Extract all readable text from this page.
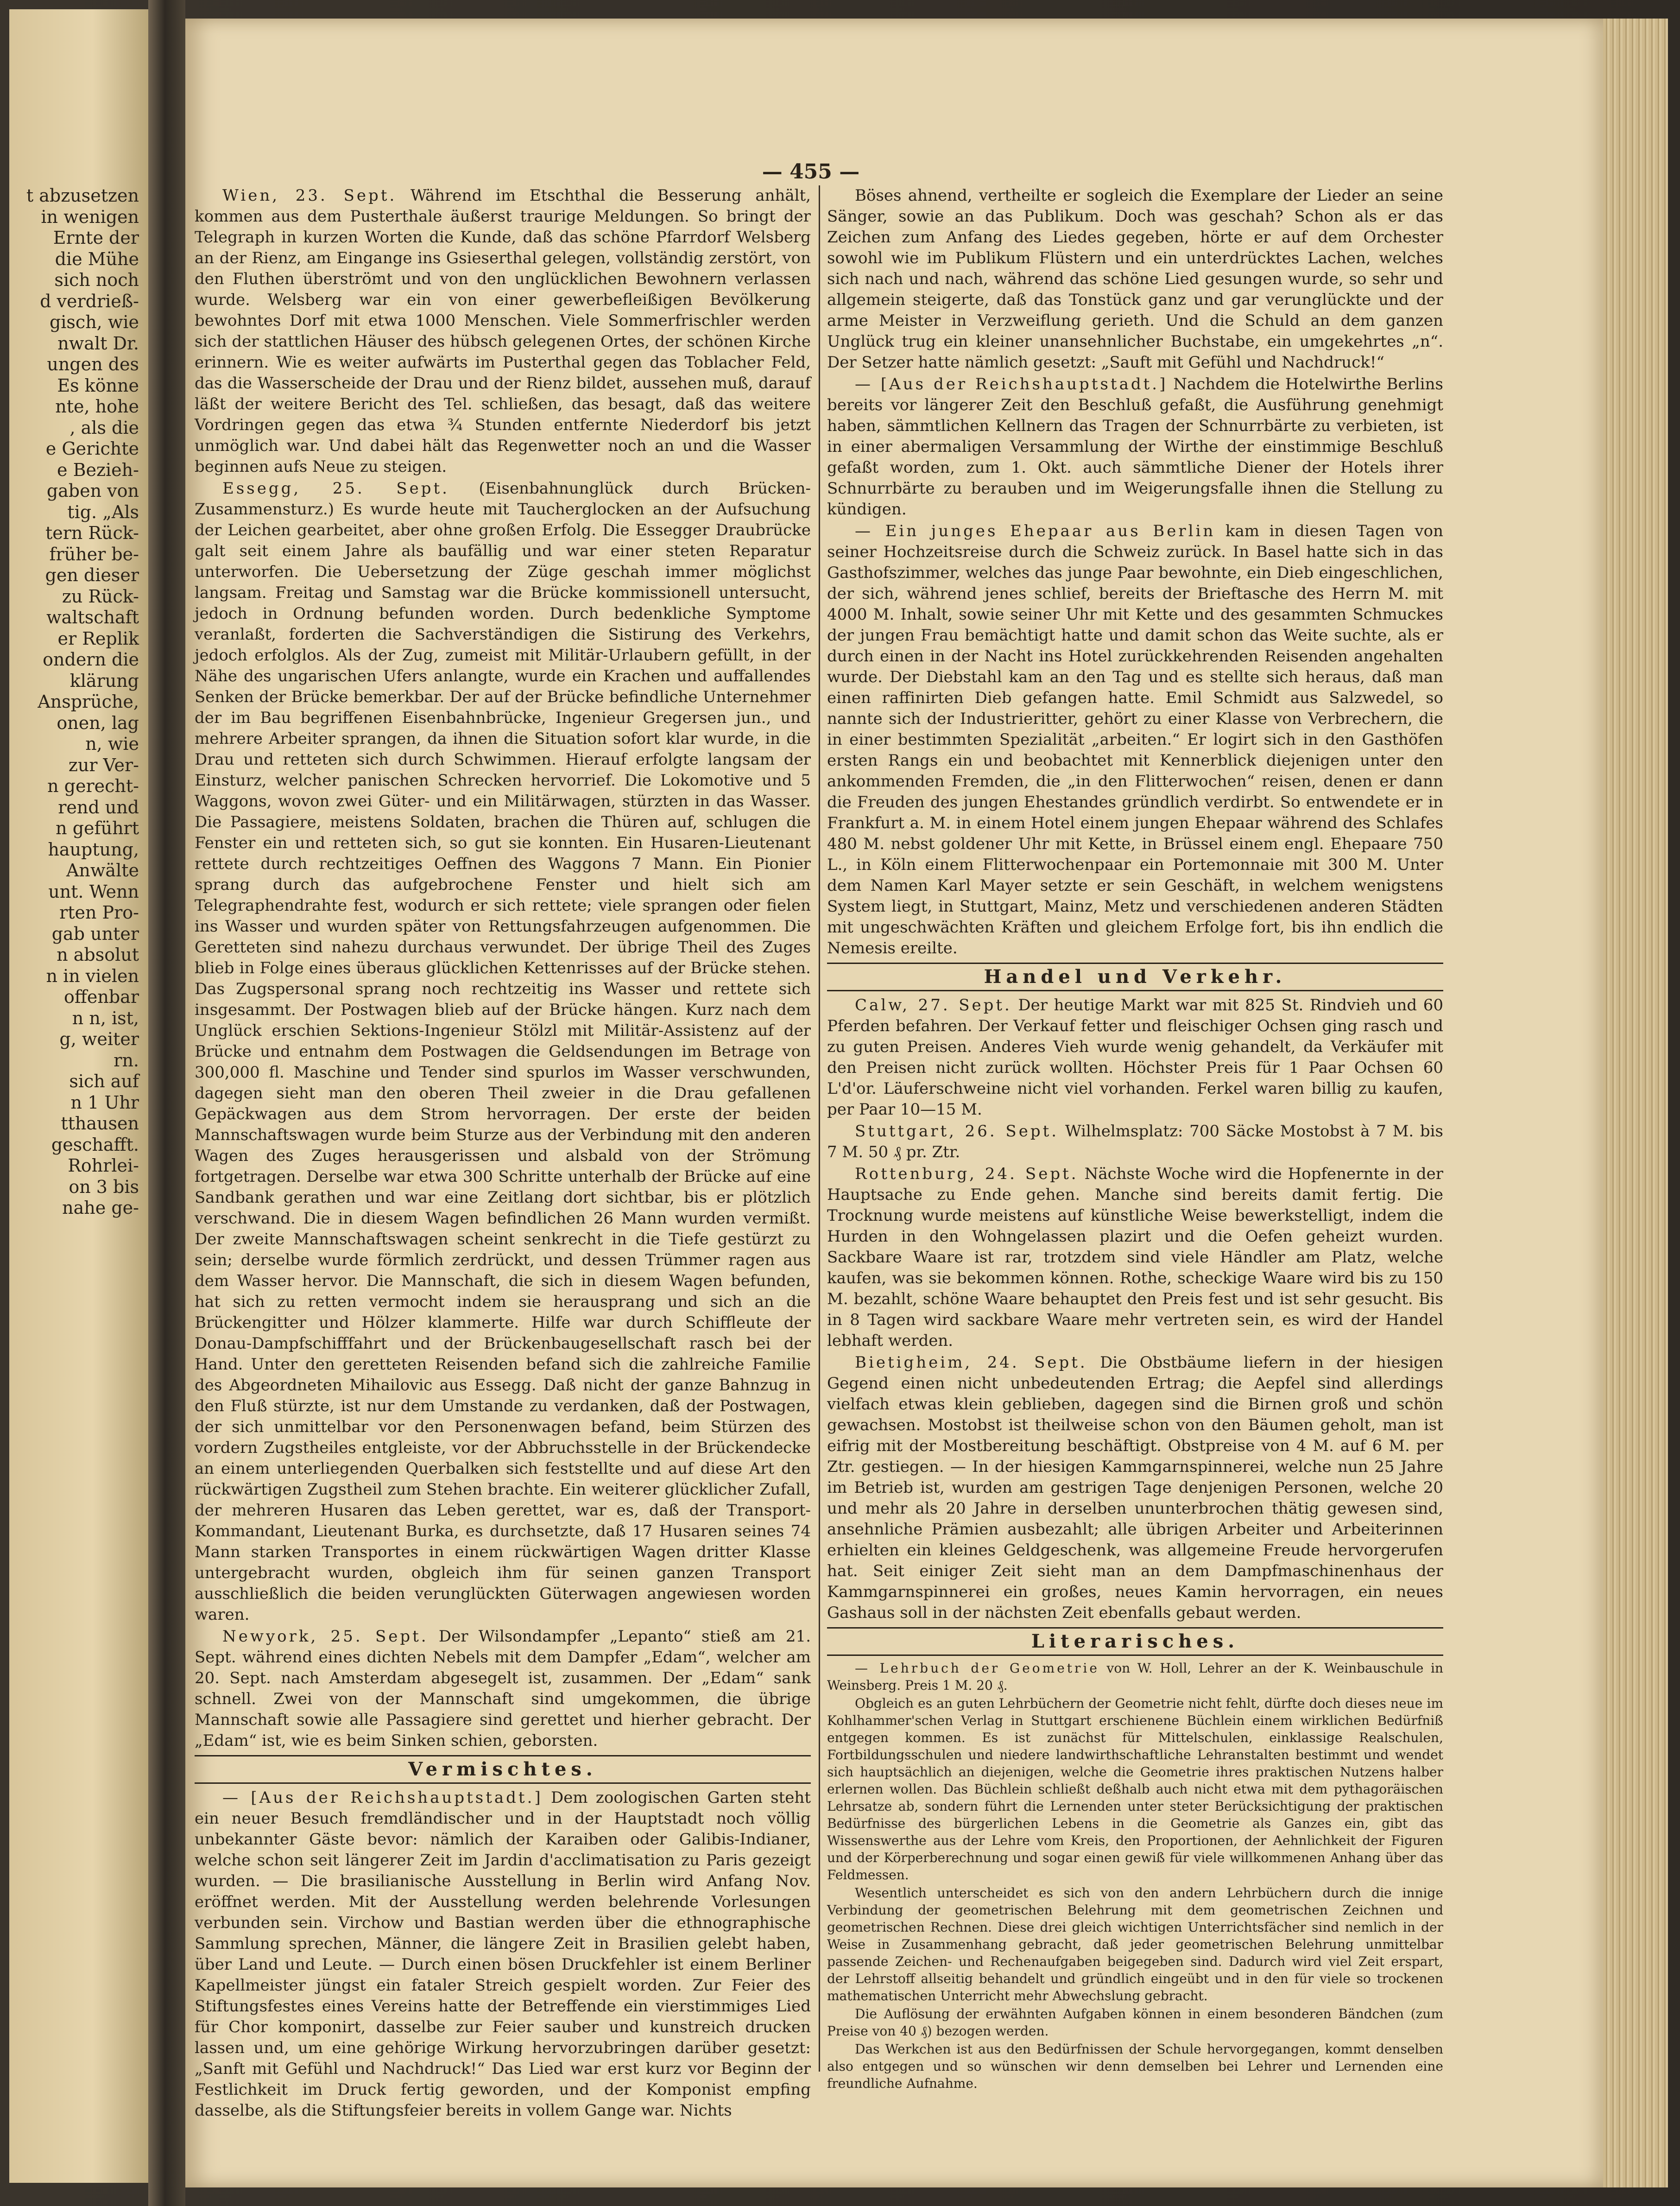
t abzusetzen

in wenigen

Ernte der

die Mühe

sich noch

d verdrieß-

gisch, wie

nwalt Dr.

ungen des

Es könne

nte, hohe

, als die

e Gerichte

e Bezieh-

gaben von

tig. „Als

tern Rück-

früher be-

gen dieser

zu Rück-

waltschaft

er Replik

ondern die

klärung

Ansprüche,

onen, lag

n, wie

zur Ver-

n gerecht-

rend und

n geführt

hauptung,

Anwälte

unt. Wenn

rten Pro-

gab unter

n absolut

n in vielen

offenbar

n n, ist,

g, weiter

rn.

sich auf

n 1 Uhr

tthausen

geschafft.

Rohrlei-

on 3 bis

nahe ge-

— 455 —

Wien, 23. Sept. Während im Etschthal die Besserung anhält, kommen aus dem Pusterthale äußerst traurige Meldungen. So bringt der Telegraph in kurzen Worten die Kunde, daß das schöne Pfarrdorf Welsberg an der Rienz, am Eingange ins Gsieserthal gelegen, vollständig zerstört, von den Fluthen überströmt und von den unglücklichen Bewohnern verlassen wurde. Welsberg war ein von einer gewerbefleißigen Bevölkerung bewohntes Dorf mit etwa 1000 Menschen. Viele Sommerfrischler werden sich der stattlichen Häuser des hübsch gelegenen Ortes, der schönen Kirche erinnern. Wie es weiter aufwärts im Pusterthal gegen das Toblacher Feld, das die Wasserscheide der Drau und der Rienz bildet, aussehen muß, darauf läßt der weitere Bericht des Tel. schließen, das besagt, daß das weitere Vordringen gegen das etwa ¾ Stunden entfernte Niederdorf bis jetzt unmöglich war. Und dabei hält das Regenwetter noch an und die Wasser beginnen aufs Neue zu steigen.

Essegg, 25. Sept. (Eisenbahnunglück durch Brücken-Zusammensturz.) Es wurde heute mit Taucherglocken an der Aufsuchung der Leichen gearbeitet, aber ohne großen Erfolg. Die Essegger Draubrücke galt seit einem Jahre als baufällig und war einer steten Reparatur unterworfen. Die Uebersetzung der Züge geschah immer möglichst langsam. Freitag und Samstag war die Brücke kommissionell untersucht, jedoch in Ordnung befunden worden. Durch bedenkliche Symptome veranlaßt, forderten die Sachverständigen die Sistirung des Verkehrs, jedoch erfolglos. Als der Zug, zumeist mit Militär-Urlaubern gefüllt, in der Nähe des ungarischen Ufers anlangte, wurde ein Krachen und auffallendes Senken der Brücke bemerkbar. Der auf der Brücke befindliche Unternehmer der im Bau begriffenen Eisenbahnbrücke, Ingenieur Gregersen jun., und mehrere Arbeiter sprangen, da ihnen die Situation sofort klar wurde, in die Drau und retteten sich durch Schwimmen. Hierauf erfolgte langsam der Einsturz, welcher panischen Schrecken hervorrief. Die Lokomotive und 5 Waggons, wovon zwei Güter- und ein Militärwagen, stürzten in das Wasser. Die Passagiere, meistens Soldaten, brachen die Thüren auf, schlugen die Fenster ein und retteten sich, so gut sie konnten. Ein Husaren-Lieutenant rettete durch rechtzeitiges Oeffnen des Waggons 7 Mann. Ein Pionier sprang durch das aufgebrochene Fenster und hielt sich am Telegraphendrahte fest, wodurch er sich rettete; viele sprangen oder fielen ins Wasser und wurden später von Rettungsfahrzeugen aufgenommen. Die Geretteten sind nahezu durchaus verwundet. Der übrige Theil des Zuges blieb in Folge eines überaus glücklichen Kettenrisses auf der Brücke stehen. Das Zugspersonal sprang noch rechtzeitig ins Wasser und rettete sich insgesammt. Der Postwagen blieb auf der Brücke hängen. Kurz nach dem Unglück erschien Sektions-Ingenieur Stölzl mit Militär-Assistenz auf der Brücke und entnahm dem Postwagen die Geldsendungen im Betrage von 300,000 fl. Maschine und Tender sind spurlos im Wasser verschwunden, dagegen sieht man den oberen Theil zweier in die Drau gefallenen Gepäckwagen aus dem Strom hervorragen. Der erste der beiden Mannschaftswagen wurde beim Sturze aus der Verbindung mit den anderen Wagen des Zuges herausgerissen und alsbald von der Strömung fortgetragen. Derselbe war etwa 300 Schritte unterhalb der Brücke auf eine Sandbank gerathen und war eine Zeitlang dort sichtbar, bis er plötzlich verschwand. Die in diesem Wagen befindlichen 26 Mann wurden vermißt. Der zweite Mannschaftswagen scheint senkrecht in die Tiefe gestürzt zu sein; derselbe wurde förmlich zerdrückt, und dessen Trümmer ragen aus dem Wasser hervor. Die Mannschaft, die sich in diesem Wagen befunden, hat sich zu retten vermocht indem sie herausprang und sich an die Brückengitter und Hölzer klammerte. Hilfe war durch Schiffleute der Donau-Dampfschifffahrt und der Brückenbaugesellschaft rasch bei der Hand. Unter den geretteten Reisenden befand sich die zahlreiche Familie des Abgeordneten Mihailovic aus Essegg. Daß nicht der ganze Bahnzug in den Fluß stürzte, ist nur dem Umstande zu verdanken, daß der Postwagen, der sich unmittelbar vor den Personenwagen befand, beim Stürzen des vordern Zugstheiles entgleiste, vor der Abbruchsstelle in der Brückendecke an einem unterliegenden Querbalken sich feststellte und auf diese Art den rückwärtigen Zugstheil zum Stehen brachte. Ein weiterer glücklicher Zufall, der mehreren Husaren das Leben gerettet, war es, daß der Transport-Kommandant, Lieutenant Burka, es durchsetzte, daß 17 Husaren seines 74 Mann starken Transportes in einem rückwärtigen Wagen dritter Klasse untergebracht wurden, obgleich ihm für seinen ganzen Transport ausschließlich die beiden verunglückten Güterwagen angewiesen worden waren.

Newyork, 25. Sept. Der Wilsondampfer „Lepanto“ stieß am 21. Sept. während eines dichten Nebels mit dem Dampfer „Edam“, welcher am 20. Sept. nach Amsterdam abgesegelt ist, zusammen. Der „Edam“ sank schnell. Zwei von der Mannschaft sind umgekommen, die übrige Mannschaft sowie alle Passagiere sind gerettet und hierher gebracht. Der „Edam“ ist, wie es beim Sinken schien, geborsten.

Vermischtes.

— [Aus der Reichshauptstadt.] Dem zoologischen Garten steht ein neuer Besuch fremdländischer und in der Hauptstadt noch völlig unbekannter Gäste bevor: nämlich der Karaiben oder Galibis-Indianer, welche schon seit längerer Zeit im Jardin d'acclimatisation zu Paris gezeigt wurden. — Die brasilianische Ausstellung in Berlin wird Anfang Nov. eröffnet werden. Mit der Ausstellung werden belehrende Vorlesungen verbunden sein. Virchow und Bastian werden über die ethnographische Sammlung sprechen, Männer, die längere Zeit in Brasilien gelebt haben, über Land und Leute. — Durch einen bösen Druckfehler ist einem Berliner Kapellmeister jüngst ein fataler Streich gespielt worden. Zur Feier des Stiftungsfestes eines Vereins hatte der Betreffende ein vierstimmiges Lied für Chor komponirt, dasselbe zur Feier sauber und kunstreich drucken lassen und, um eine gehörige Wirkung hervorzubringen darüber gesetzt: „Sanft mit Gefühl und Nachdruck!“ Das Lied war erst kurz vor Beginn der Festlichkeit im Druck fertig geworden, und der Komponist empfing dasselbe, als die Stiftungsfeier bereits in vollem Gange war. Nichts

Böses ahnend, vertheilte er sogleich die Exemplare der Lieder an seine Sänger, sowie an das Publikum. Doch was geschah? Schon als er das Zeichen zum Anfang des Liedes gegeben, hörte er auf dem Orchester sowohl wie im Publikum Flüstern und ein unterdrücktes Lachen, welches sich nach und nach, während das schöne Lied gesungen wurde, so sehr und allgemein steigerte, daß das Tonstück ganz und gar verunglückte und der arme Meister in Verzweiflung gerieth. Und die Schuld an dem ganzen Unglück trug ein kleiner unansehnlicher Buchstabe, ein umgekehrtes „n“. Der Setzer hatte nämlich gesetzt: „Sauft mit Gefühl und Nachdruck!“

— [Aus der Reichshauptstadt.] Nachdem die Hotelwirthe Berlins bereits vor längerer Zeit den Beschluß gefaßt, die Ausführung genehmigt haben, sämmtlichen Kellnern das Tragen der Schnurrbärte zu verbieten, ist in einer abermaligen Versammlung der Wirthe der einstimmige Beschluß gefaßt worden, zum 1. Okt. auch sämmtliche Diener der Hotels ihrer Schnurrbärte zu berauben und im Weigerungsfalle ihnen die Stellung zu kündigen.

— Ein junges Ehepaar aus Berlin kam in diesen Tagen von seiner Hochzeitsreise durch die Schweiz zurück. In Basel hatte sich in das Gasthofszimmer, welches das junge Paar bewohnte, ein Dieb eingeschlichen, der sich, während jenes schlief, bereits der Brieftasche des Herrn M. mit 4000 M. Inhalt, sowie seiner Uhr mit Kette und des gesammten Schmuckes der jungen Frau bemächtigt hatte und damit schon das Weite suchte, als er durch einen in der Nacht ins Hotel zurückkehrenden Reisenden angehalten wurde. Der Diebstahl kam an den Tag und es stellte sich heraus, daß man einen raffinirten Dieb gefangen hatte. Emil Schmidt aus Salzwedel, so nannte sich der Industrieritter, gehört zu einer Klasse von Verbrechern, die in einer bestimmten Spezialität „arbeiten.“ Er logirt sich in den Gasthöfen ersten Rangs ein und beobachtet mit Kennerblick diejenigen unter den ankommenden Fremden, die „in den Flitterwochen“ reisen, denen er dann die Freuden des jungen Ehestandes gründlich verdirbt. So entwendete er in Frankfurt a. M. in einem Hotel einem jungen Ehepaar während des Schlafes 480 M. nebst goldener Uhr mit Kette, in Brüssel einem engl. Ehepaare 750 L., in Köln einem Flitterwochenpaar ein Portemonnaie mit 300 M. Unter dem Namen Karl Mayer setzte er sein Geschäft, in welchem wenigstens System liegt, in Stuttgart, Mainz, Metz und verschiedenen anderen Städten mit ungeschwächten Kräften und gleichem Erfolge fort, bis ihn endlich die Nemesis ereilte.

Handel und Verkehr.

Calw, 27. Sept. Der heutige Markt war mit 825 St. Rindvieh und 60 Pferden befahren. Der Verkauf fetter und fleischiger Ochsen ging rasch und zu guten Preisen. Anderes Vieh wurde wenig gehandelt, da Verkäufer mit den Preisen nicht zurück wollten. Höchster Preis für 1 Paar Ochsen 60 L'd'or. Läuferschweine nicht viel vorhanden. Ferkel waren billig zu kaufen, per Paar 10—15 M.

Stuttgart, 26. Sept. Wilhelmsplatz: 700 Säcke Mostobst à 7 M. bis 7 M. 50 ₰ pr. Ztr.

Rottenburg, 24. Sept. Nächste Woche wird die Hopfenernte in der Hauptsache zu Ende gehen. Manche sind bereits damit fertig. Die Trocknung wurde meistens auf künstliche Weise bewerkstelligt, indem die Hurden in den Wohngelassen plazirt und die Oefen geheizt wurden. Sackbare Waare ist rar, trotzdem sind viele Händler am Platz, welche kaufen, was sie bekommen können. Rothe, scheckige Waare wird bis zu 150 M. bezahlt, schöne Waare behauptet den Preis fest und ist sehr gesucht. Bis in 8 Tagen wird sackbare Waare mehr vertreten sein, es wird der Handel lebhaft werden.

Bietigheim, 24. Sept. Die Obstbäume liefern in der hiesigen Gegend einen nicht unbedeutenden Ertrag; die Aepfel sind allerdings vielfach etwas klein geblieben, dagegen sind die Birnen groß und schön gewachsen. Mostobst ist theilweise schon von den Bäumen geholt, man ist eifrig mit der Mostbereitung beschäftigt. Obstpreise von 4 M. auf 6 M. per Ztr. gestiegen. — In der hiesigen Kammgarnspinnerei, welche nun 25 Jahre im Betrieb ist, wurden am gestrigen Tage denjenigen Personen, welche 20 und mehr als 20 Jahre in derselben ununterbrochen thätig gewesen sind, ansehnliche Prämien ausbezahlt; alle übrigen Arbeiter und Arbeiterinnen erhielten ein kleines Geldgeschenk, was allgemeine Freude hervorgerufen hat. Seit einiger Zeit sieht man an dem Dampfmaschinenhaus der Kammgarnspinnerei ein großes, neues Kamin hervorragen, ein neues Gashaus soll in der nächsten Zeit ebenfalls gebaut werden.

Literarisches.

— Lehrbuch der Geometrie von W. Holl, Lehrer an der K. Weinbauschule in Weinsberg. Preis 1 M. 20 ₰.

Obgleich es an guten Lehrbüchern der Geometrie nicht fehlt, dürfte doch dieses neue im Kohlhammer'schen Verlag in Stuttgart erschienene Büchlein einem wirklichen Bedürfniß entgegen kommen. Es ist zunächst für Mittelschulen, einklassige Realschulen, Fortbildungsschulen und niedere landwirthschaftliche Lehranstalten bestimmt und wendet sich hauptsächlich an diejenigen, welche die Geometrie ihres praktischen Nutzens halber erlernen wollen. Das Büchlein schließt deßhalb auch nicht etwa mit dem pythagoräischen Lehrsatze ab, sondern führt die Lernenden unter steter Berücksichtigung der praktischen Bedürfnisse des bürgerlichen Lebens in die Geometrie als Ganzes ein, gibt das Wissenswerthe aus der Lehre vom Kreis, den Proportionen, der Aehnlichkeit der Figuren und der Körperberechnung und sogar einen gewiß für viele willkommenen Anhang über das Feldmessen.

Wesentlich unterscheidet es sich von den andern Lehrbüchern durch die innige Verbindung der geometrischen Belehrung mit dem geometrischen Zeichnen und geometrischen Rechnen. Diese drei gleich wichtigen Unterrichtsfächer sind nemlich in der Weise in Zusammenhang gebracht, daß jeder geometrischen Belehrung unmittelbar passende Zeichen- und Rechenaufgaben beigegeben sind. Dadurch wird viel Zeit erspart, der Lehrstoff allseitig behandelt und gründlich eingeübt und in den für viele so trockenen mathematischen Unterricht mehr Abwechslung gebracht.

Die Auflösung der erwähnten Aufgaben können in einem besonderen Bändchen (zum Preise von 40 ₰) bezogen werden.

Das Werkchen ist aus den Bedürfnissen der Schule hervorgegangen, kommt denselben also entgegen und so wünschen wir denn demselben bei Lehrer und Lernenden eine freundliche Aufnahme.
